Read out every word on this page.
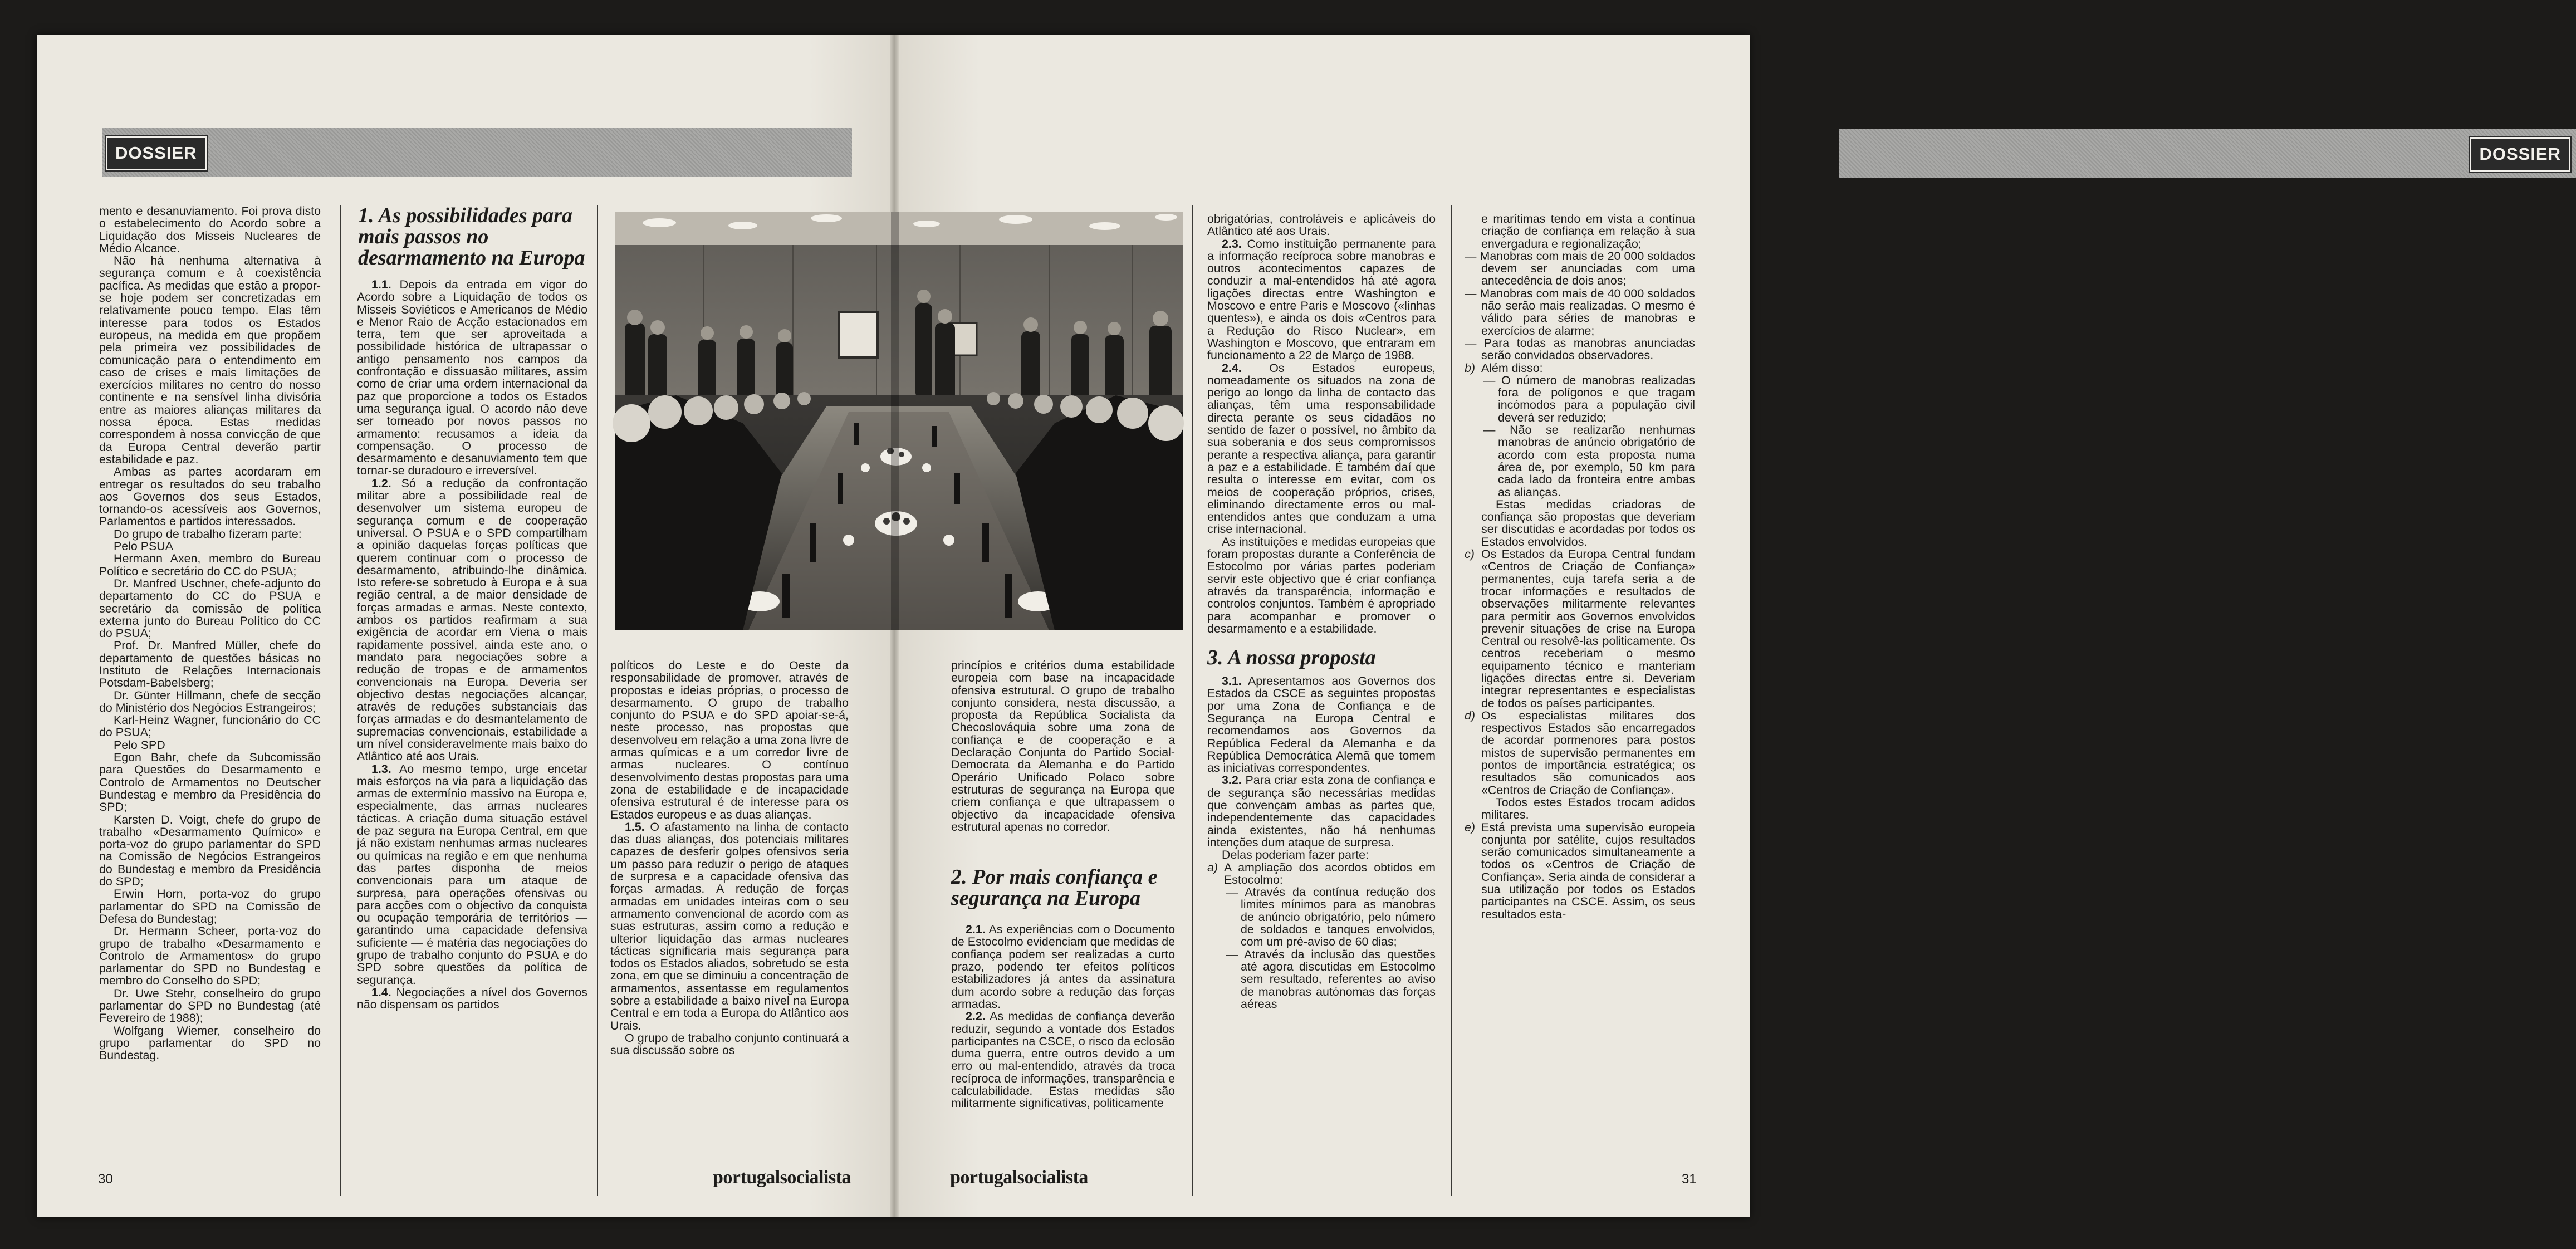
DOSSIER

mento e desanuviamento. Foi prova disto o estabelecimento do Acordo sobre a Liquidação dos Misseis Nucleares de Médio Alcance.

Não há nenhuma alternativa à segurança comum e à coexistência pacífica. As medidas que estão a propor-se hoje podem ser concretizadas em relativamente pouco tempo. Elas têm interesse para todos os Estados europeus, na medida em que propõem pela primeira vez possibilidades de comunicação para o entendimento em caso de crises e mais limitações de exercícios militares no centro do nosso continente e na sensível linha divisória entre as maiores alianças militares da nossa época. Estas medidas correspondem à nossa convicção de que da Europa Central deverão partir estabilidade e paz.

Ambas as partes acordaram em entregar os resultados do seu trabalho aos Governos dos seus Estados, tornando-os acessíveis aos Governos, Parlamentos e partidos interessados.

Do grupo de trabalho fizeram parte:

Pelo PSUA

Hermann Axen, membro do Bureau Político e secretário do CC do PSUA;

Dr. Manfred Uschner, chefe-adjunto do departamento do CC do PSUA e secretário da comissão de política externa junto do Bureau Político do CC do PSUA;

Prof. Dr. Manfred Müller, chefe do departamento de questões básicas no Instituto de Relações Internacionais Potsdam-Babelsberg;

Dr. Günter Hillmann, chefe de secção do Ministério dos Negócios Estrangeiros;

Karl-Heinz Wagner, funcionário do CC do PSUA;

Pelo SPD

Egon Bahr, chefe da Subcomissão para Questões do Desarmamento e Controlo de Armamentos no Deutscher Bundestag e membro da Presidência do SPD;

Karsten D. Voigt, chefe do grupo de trabalho «Desarmamento Químico» e porta-voz do grupo parlamentar do SPD na Comissão de Negócios Estrangeiros do Bundestag e membro da Presidência do SPD;

Erwin Horn, porta-voz do grupo parlamentar do SPD na Comissão de Defesa do Bundestag;

Dr. Hermann Scheer, porta-voz do grupo de trabalho «Desarmamento e Controlo de Armamentos» do grupo parlamentar do SPD no Bundestag e membro do Conselho do SPD;

Dr. Uwe Stehr, conselheiro do grupo parlamentar do SPD no Bundestag (até Fevereiro de 1988);

Wolfgang Wiemer, conselheiro do grupo parlamentar do SPD no Bundestag.

1. As possibilidades para mais passos no desarmamento na Europa

1.1. Depois da entrada em vigor do Acordo sobre a Liquidação de todos os Misseis Soviéticos e Americanos de Médio e Menor Raio de Acção estacionados em terra, tem que ser aproveitada a possibilidade histórica de ultrapassar o antigo pensamento nos campos da confrontação e dissuasão militares, assim como de criar uma ordem internacional da paz que proporcione a todos os Estados uma segurança igual. O acordo não deve ser torneado por novos passos no armamento: recusamos a ideia da compensação. O processo de desarmamento e desanuviamento tem que tornar-se duradouro e irreversível.

1.2. Só a redução da confrontação militar abre a possibilidade real de desenvolver um sistema europeu de segurança comum e de cooperação universal. O PSUA e o SPD compartilham a opinião daquelas forças políticas que querem continuar com o processo de desarmamento, atribuindo-lhe dinâmica. Isto refere-se sobretudo à Europa e à sua região central, a de maior densidade de forças armadas e armas. Neste contexto, ambos os partidos reafirmam a sua exigência de acordar em Viena o mais rapidamente possível, ainda este ano, o mandato para negociações sobre a redução de tropas e de armamentos convencionais na Europa. Deveria ser objectivo destas negociações alcançar, através de reduções substanciais das forças armadas e do desmantelamento de supremacias convencionais, estabilidade a um nível consideravelmente mais baixo do Atlântico até aos Urais.

1.3. Ao mesmo tempo, urge encetar mais esforços na via para a liquidação das armas de extermínio massivo na Europa e, especialmente, das armas nucleares tácticas. A criação duma situação estável de paz segura na Europa Central, em que já não existam nenhumas armas nucleares ou químicas na região e em que nenhuma das partes disponha de meios convencionais para um ataque de surpresa, para operações ofensivas ou para acções com o objectivo da conquista ou ocupação temporária de territórios — garantindo uma capacidade defensiva suficiente — é matéria das negociações do grupo de trabalho conjunto do PSUA e do SPD sobre questões da política de segurança.

1.4. Negociações a nível dos Governos não dispensam os partidos

políticos do Leste e do Oeste da responsabilidade de promover, através de propostas e ideias próprias, o processo de desarmamento. O grupo de trabalho conjunto do PSUA e do SPD apoiar-se-á, neste processo, nas propostas que desenvolveu em relação a uma zona livre de armas químicas e a um corredor livre de armas nucleares. O contínuo desenvolvimento destas propostas para uma zona de estabilidade e de incapacidade ofensiva estrutural é de interesse para os Estados europeus e as duas alianças.

1.5. O afastamento na linha de contacto das duas alianças, dos potenciais militares capazes de desferir golpes ofensivos seria um passo para reduzir o perigo de ataques de surpresa e a capacidade ofensiva das forças armadas. A redução de forças armadas em unidades inteiras com o seu armamento convencional de acordo com as suas estruturas, assim como a redução e ulterior liquidação das armas nucleares tácticas significaria mais segurança para todos os Estados aliados, sobretudo se esta zona, em que se diminuiu a concentração de armamentos, assentasse em regulamentos sobre a estabilidade a baixo nível na Europa Central e em toda a Europa do Atlântico aos Urais.

O grupo de trabalho conjunto continuará a sua discussão sobre os

30	portugalsocialista
DOSSIER

princípios e critérios duma estabilidade europeia com base na incapacidade ofensiva estrutural. O grupo de trabalho conjunto considera, nesta discussão, a proposta da República Socialista da Checoslováquia sobre uma zona de confiança e de cooperação e a Declaração Conjunta do Partido Social-Democrata da Alemanha e do Partido Operário Unificado Polaco sobre estruturas de segurança na Europa que criem confiança e que ultrapassem o objectivo da incapacidade ofensiva estrutural apenas no corredor.

2. Por mais confiança e segurança na Europa

2.1. As experiências com o Documento de Estocolmo evidenciam que medidas de confiança podem ser realizadas a curto prazo, podendo ter efeitos políticos estabilizadores já antes da assinatura dum acordo sobre a redução das forças armadas.

2.2. As medidas de confiança deverão reduzir, segundo a vontade dos Estados participantes na CSCE, o risco da eclosão duma guerra, entre outros devido a um erro ou mal-entendido, através da troca recíproca de informações, transparência e calculabilidade. Estas medidas são militarmente significativas, politicamente

obrigatórias, controláveis e aplicáveis do Atlântico até aos Urais.

2.3. Como instituição permanente para a informação recíproca sobre manobras e outros acontecimentos capazes de conduzir a mal-entendidos há até agora ligações directas entre Washington e Moscovo e entre Paris e Moscovo («linhas quentes»), e ainda os dois «Centros para a Redução do Risco Nuclear», em Washington e Moscovo, que entraram em funcionamento a 22 de Março de 1988.

2.4. Os Estados europeus, nomeadamente os situados na zona de perigo ao longo da linha de contacto das alianças, têm uma responsabilidade directa perante os seus cidadãos no sentido de fazer o possível, no âmbito da sua soberania e dos seus compromissos perante a respectiva aliança, para garantir a paz e a estabilidade. É também daí que resulta o interesse em evitar, com os meios de cooperação próprios, crises, eliminando directamente erros ou mal-entendidos antes que conduzam a uma crise internacional.

As instituições e medidas europeias que foram propostas durante a Conferência de Estocolmo por várias partes poderiam servir este objectivo que é criar confiança através da transparência, informação e controlos conjuntos. Também é apropriado para acompanhar e promover o desarmamento e a estabilidade.

3. A nossa proposta

3.1. Apresentamos aos Governos dos Estados da CSCE as seguintes propostas por uma Zona de Confiança e de Segurança na Europa Central e recomendamos aos Governos da República Federal da Alemanha e da República Democrática Alemã que tomem as iniciativas correspondentes.

3.2. Para criar esta zona de confiança e de segurança são necessárias medidas que convençam ambas as partes que, independentemente das capacidades ainda existentes, não há nenhumas intenções dum ataque de surpresa.

Delas poderiam fazer parte:

a) A ampliação dos acordos obtidos em Estocolmo:

— Através da contínua redução dos limites mínimos para as manobras de anúncio obrigatório, pelo número de soldados e tanques envolvidos, com um pré-aviso de 60 dias;

— Através da inclusão das questões até agora discutidas em Estocolmo sem resultado, referentes ao aviso de manobras autónomas das forças aéreas

e marítimas tendo em vista a contínua criação de confiança em relação à sua envergadura e regionalização;

— Manobras com mais de 20 000 soldados devem ser anunciadas com uma antecedência de dois anos;

— Manobras com mais de 40 000 soldados não serão mais realizadas. O mesmo é válido para séries de manobras e exercícios de alarme;

— Para todas as manobras anunciadas serão convidados observadores.

b) Além disso:

— O número de manobras realizadas fora de polígonos e que tragam incómodos para a população civil deverá ser reduzido;

— Não se realizarão nenhumas manobras de anúncio obrigatório de acordo com esta proposta numa área de, por exemplo, 50 km para cada lado da fronteira entre ambas as alianças.

Estas medidas criadoras de confiança são propostas que deveriam ser discutidas e acordadas por todos os Estados envolvidos.

c) Os Estados da Europa Central fundam «Centros de Criação de Confiança» permanentes, cuja tarefa seria a de trocar informações e resultados de observações militarmente relevantes para permitir aos Governos envolvidos prevenir situações de crise na Europa Central ou resolvê-las politicamente. Os centros receberiam o mesmo equipamento técnico e manteriam ligações directas entre si. Deveriam integrar representantes e especialistas de todos os países participantes.

d) Os especialistas militares dos respectivos Estados são encarregados de acordar pormenores para postos mistos de supervisão permanentes em pontos de importância estratégica; os resultados são comunicados aos «Centros de Criação de Confiança».

Todos estes Estados trocam adidos militares.

e) Está prevista uma supervisão europeia conjunta por satélite, cujos resultados serão comunicados simultaneamente a todos os «Centros de Criação de Confiança». Seria ainda de considerar a sua utilização por todos os Estados participantes na CSCE. Assim, os seus resultados esta-

portugalsocialista	31
